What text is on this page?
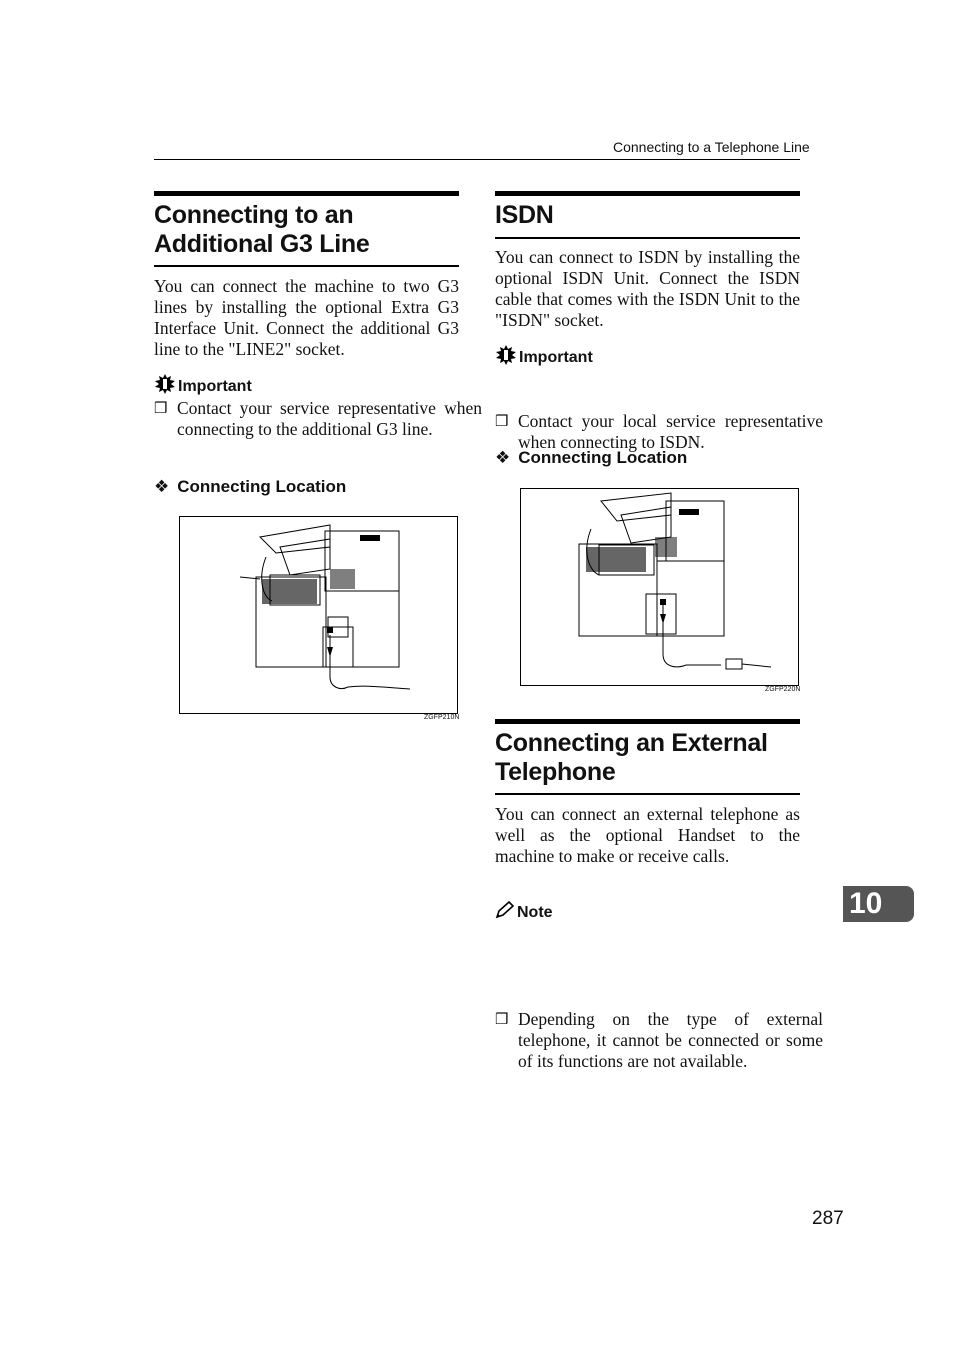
Connecting to a Telephone Line
Connecting to an Additional G3 Line
You can connect the machine to two G3 lines by installing the optional Extra G3 Interface Unit. Connect the additional G3 line to the "LINE2" socket.
Important
❒ Contact your service representative when connecting to the additional G3 line.
❖ Connecting Location
ZGFP210N
ISDN
You can connect to ISDN by installing the optional ISDN Unit. Connect the ISDN cable that comes with the ISDN Unit to the "ISDN" socket.
Important
❒ Contact your local service representative when connecting to ISDN.
❖ Connecting Location
ZGFP220N
Connecting an External Telephone
You can connect an external telephone as well as the optional Handset to the machine to make or receive calls.
Note
❒ Depending on the type of external telephone, it cannot be connected or some of its functions are not available.
10
287
